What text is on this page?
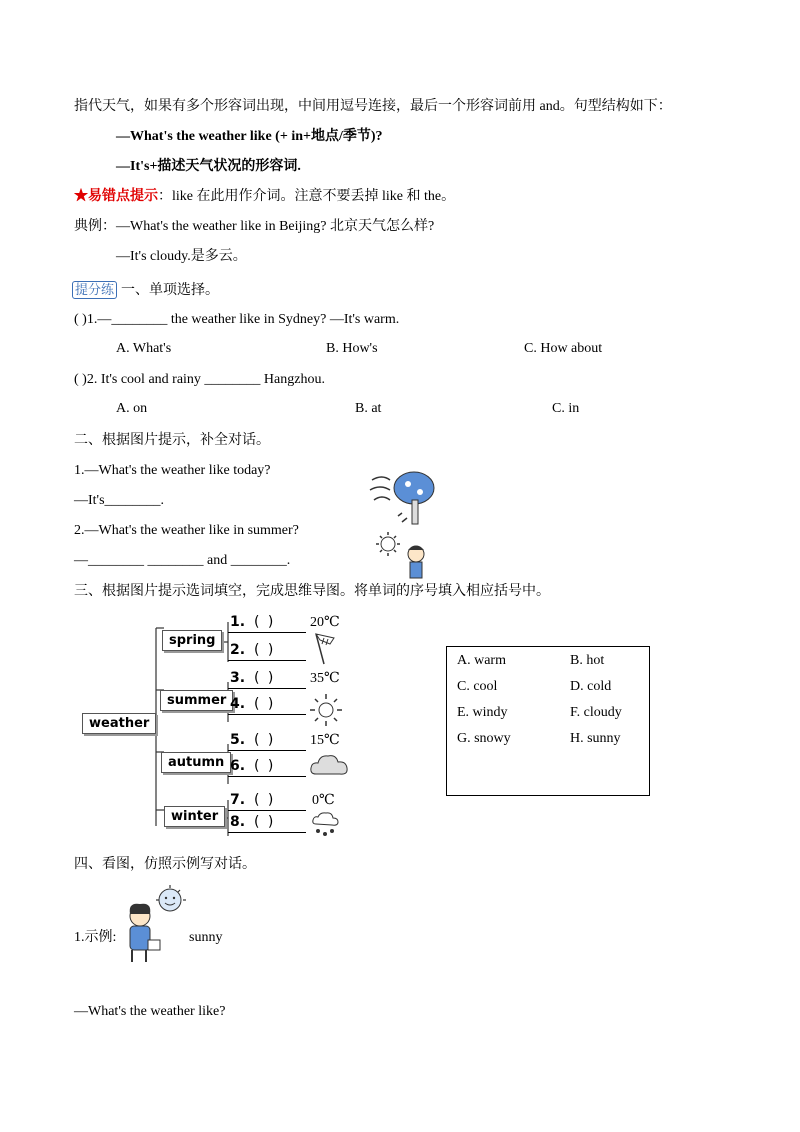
指代天气，如果有多个形容词出现，中间用逗号连接，最后一个形容词前用 and。句型结构如下：
—What's the weather like (+ in+地点/季节)?
—It's+描述天气状况的形容词.
★易错点提示：like 在此用作介词。注意不要丢掉 like 和 the。
典例：—What's the weather like in Beijing? 北京天气怎么样?
—It's cloudy.是多云。
提分练 一、单项选择。
( )1.—________ the weather like in Sydney? —It's warm.
A. What's	B. How's	C. How about
( )2. It's cool and rainy ________ Hangzhou.
A. on	B. at	C. in
二、根据图片提示，补全对话。
1.—What's the weather like today?
—It's________.
2.—What's the weather like in summer?
—________ ________ and ________.
三、根据图片提示选词填空，完成思维导图。将单词的序号填入相应括号中。
weather
spring
summer
autumn
winter
1. ( ) 20℃
2. ( )
3. ( ) 35℃
4. ( )
5. ( ) 15℃
6. ( )
7. ( )	0℃
8. ( )
A. warm	B. hot
C. cool	D. cold
E. windy	F. cloudy
G. snowy	H. sunny
四、看图，仿照示例写对话。
1.示例:	sunny
—What's the weather like?
